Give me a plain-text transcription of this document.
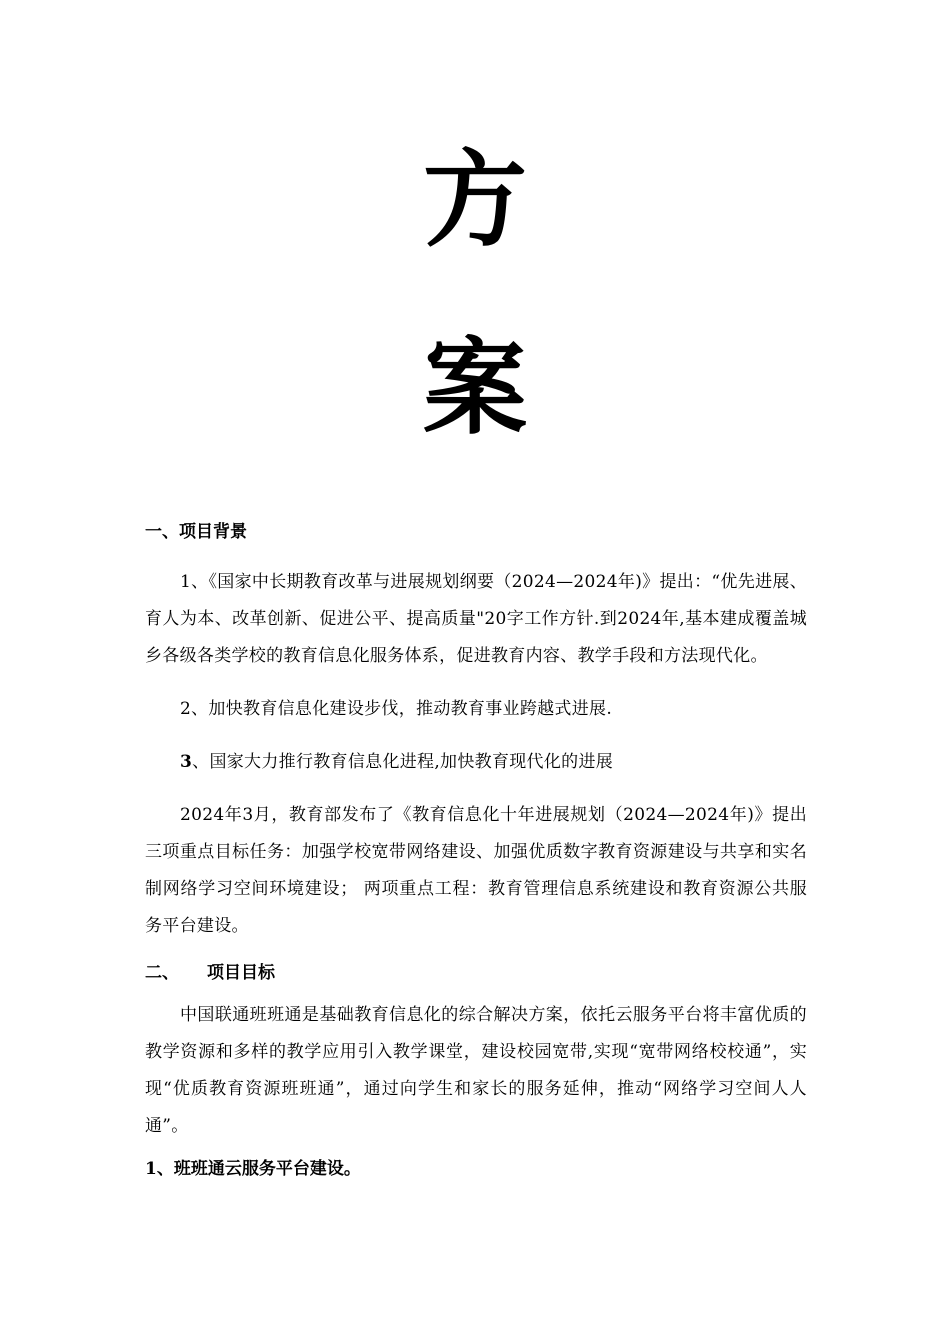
方
案

一、项目背景

1、《国家中长期教育改革与进展规划纲要（2024—2024年)》提出：“优先进展、育人为本、改革创新、促进公平、提高质量"20字工作方针.到2024年,基本建成覆盖城乡各级各类学校的教育信息化服务体系，促进教育内容、教学手段和方法现代化。

2、加快教育信息化建设步伐，推动教育事业跨越式进展.

3、国家大力推行教育信息化进程,加快教育现代化的进展

2024年3月，教育部发布了《教育信息化十年进展规划（2024—2024年)》提出三项重点目标任务：加强学校宽带网络建设、加强优质数字教育资源建设与共享和实名制网络学习空间环境建设； 两项重点工程：教育管理信息系统建设和教育资源公共服务平台建设。

二、 项目目标

中国联通班班通是基础教育信息化的综合解决方案，依托云服务平台将丰富优质的教学资源和多样的教学应用引入教学课堂，建设校园宽带,实现“宽带网络校校通”，实现“优质教育资源班班通”，通过向学生和家长的服务延伸，推动“网络学习空间人人通”。

1、班班通云服务平台建设。
